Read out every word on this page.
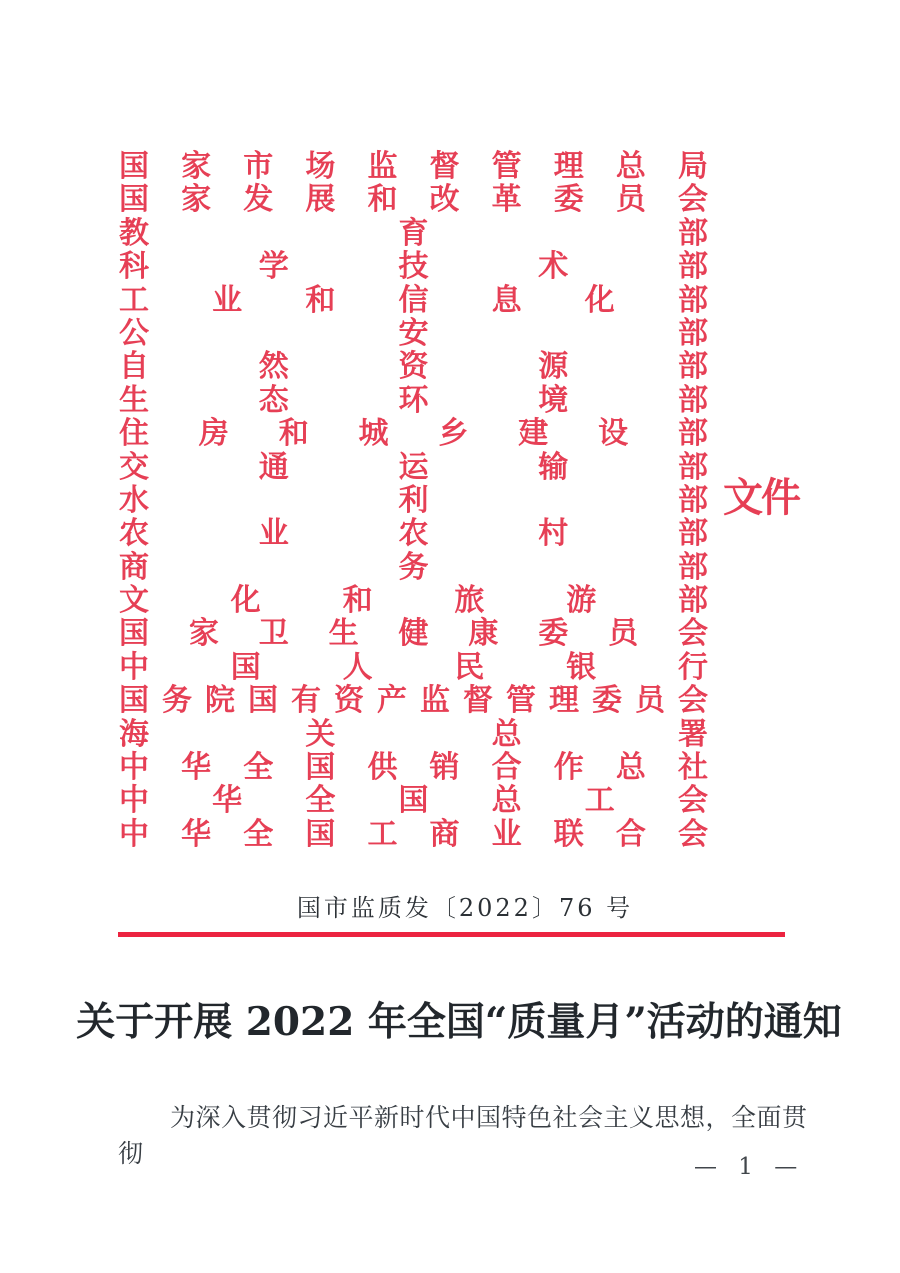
国 家 市 场 监 督 管 理 总 局
国 家 发 展 和 改 革 委 员 会
教	育	部
科	学	技	术	部
工 业 和 信 息 化 部
公	安	部
自	然	资	源	部
生	态	环	境	部
住 房 和 城 乡 建 设 部
交	通	运	输	部
水	利	部
农	业	农	村	部
商	务	部
文	化	和	旅	游	部
国 家 卫 生 健 康 委 员 会
中	国	人	民	银	行
国 务 院 国 有 资 产 监 督 管 理 委 员 会
海	关	总	署
中 华 全 国 供 销 合 作 总 社
中 华 全 国 总 工 会
中 华 全 国 工 商 业 联 合 会
文件
国市监质发〔2022〕76 号
关于开展 2022 年全国“质量月”活动的通知

为深入贯彻习近平新时代中国特色社会主义思想，全面贯彻	— 1 —
